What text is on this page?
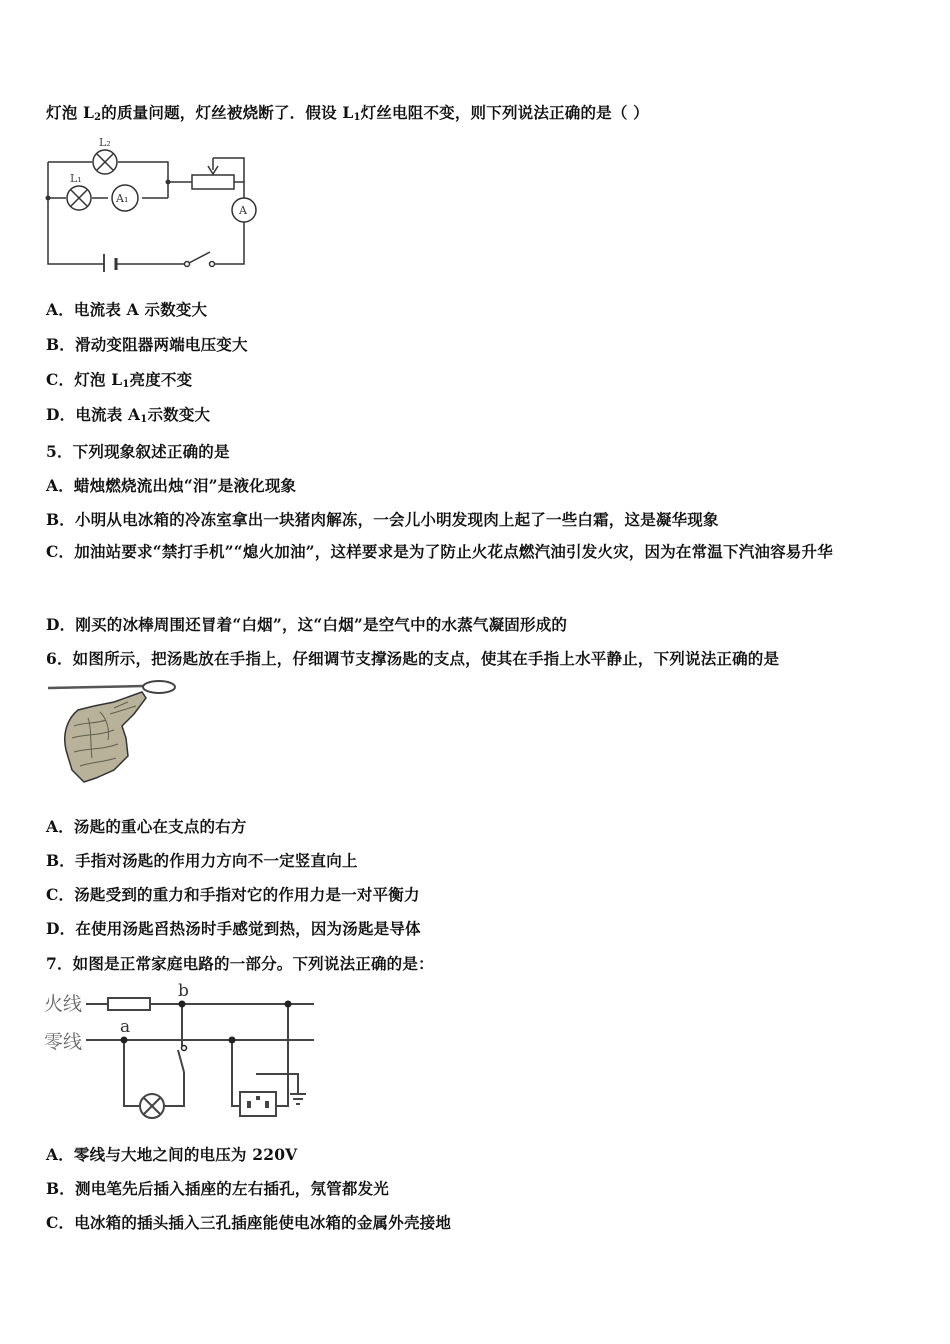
灯泡 $L_2$的质量问题，灯丝被烧断了．假设 $L_1$灯丝电阻不变，则下列说法正确的是（ ）
L₂
L₁
A₁
A
A．电流表 A 示数变大
B．滑动变阻器两端电压变大
C．灯泡 $L_1$亮度不变
D．电流表 $A_1$示数变大
5．下列现象叙述正确的是
A．蜡烛燃烧流出烛“泪”是液化现象
B．小明从电冰箱的冷冻室拿出一块猪肉解冻，一会儿小明发现肉上起了一些白霜，这是凝华现象
C．加油站要求“禁打手机”“熄火加油”，这样要求是为了防止火花点燃汽油引发火灾，因为在常温下汽油容易升华
D．刚买的冰棒周围还冒着“白烟”，这“白烟”是空气中的水蒸气凝固形成的
6．如图所示，把汤匙放在手指上，仔细调节支撑汤匙的支点，使其在手指上水平静止，下列说法正确的是
A．汤匙的重心在支点的右方
B．手指对汤匙的作用力方向不一定竖直向上
C．汤匙受到的重力和手指对它的作用力是一对平衡力
D．在使用汤匙舀热汤时手感觉到热，因为汤匙是导体
7．如图是正常家庭电路的一部分。下列说法正确的是：
火线
零线
b
a
A．零线与大地之间的电压为 220V
B．测电笔先后插入插座的左右插孔，氖管都发光
C．电冰箱的插头插入三孔插座能使电冰箱的金属外壳接地
